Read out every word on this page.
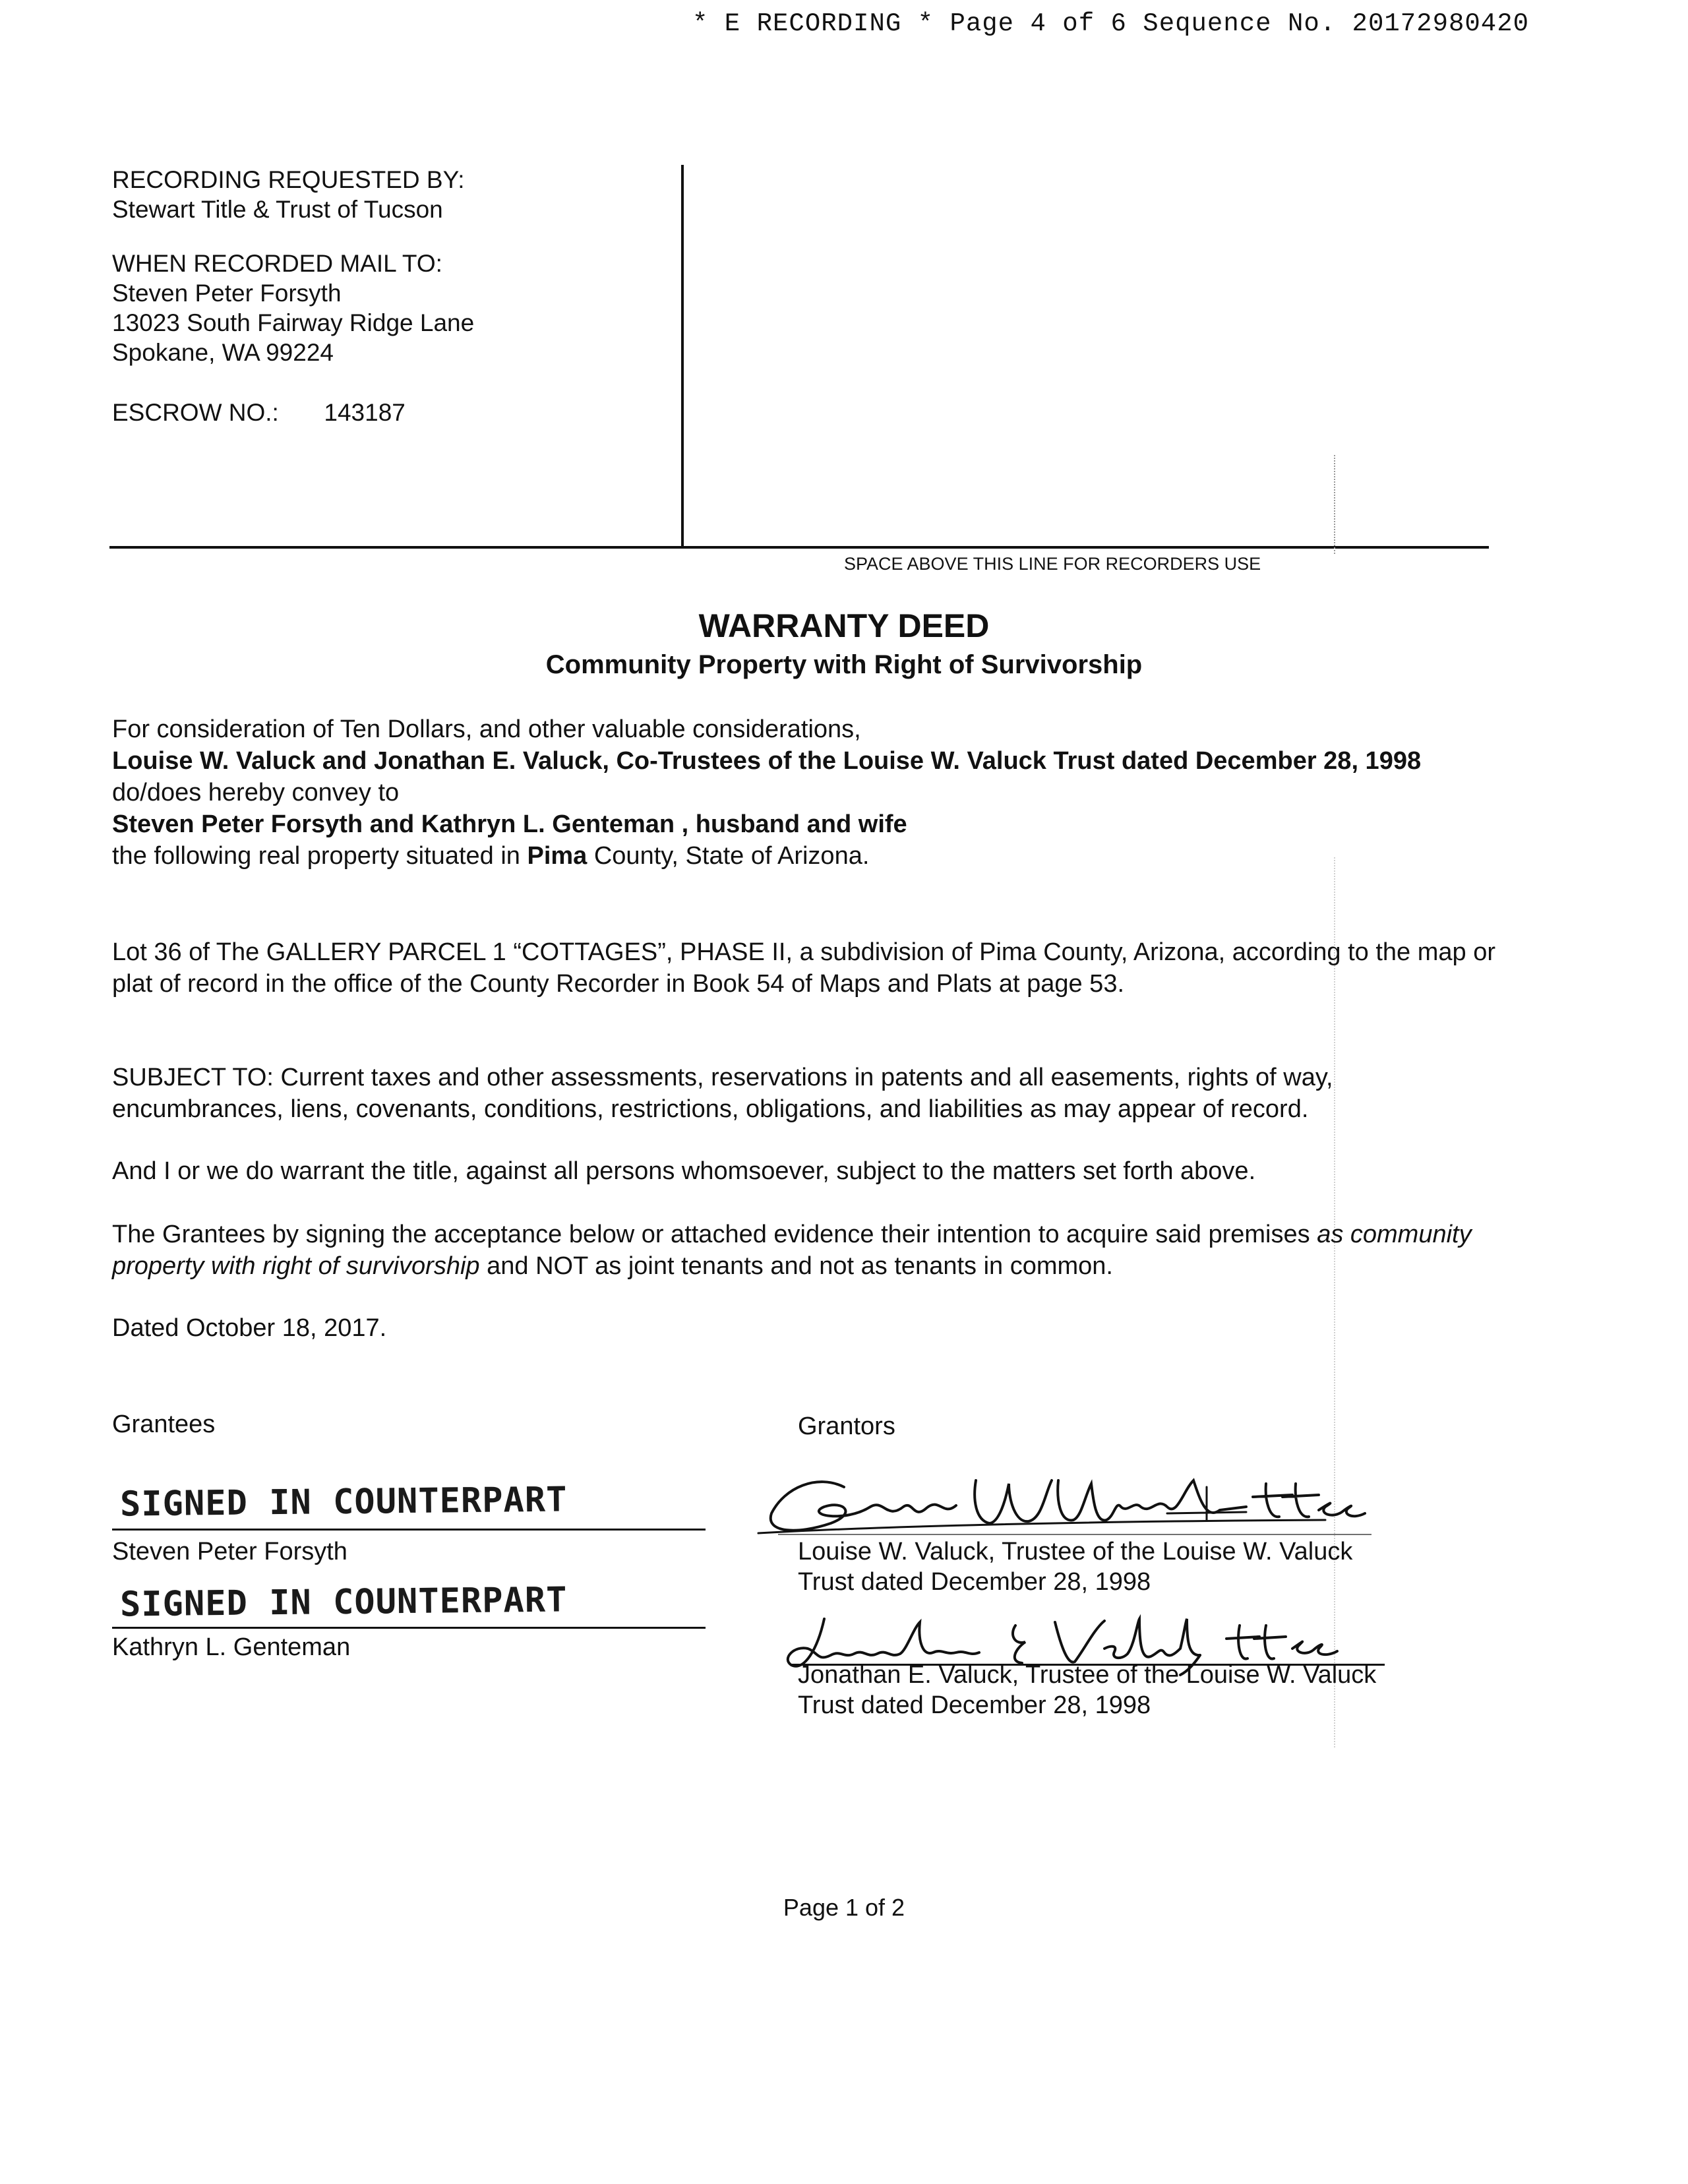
* E RECORDING * Page 4 of 6 Sequence No. 20172980420
RECORDING REQUESTED BY:
Stewart Title & Trust of Tucson
WHEN RECORDED MAIL TO:
Steven Peter Forsyth
13023 South Fairway Ridge Lane
Spokane, WA 99224
ESCROW NO.: 143187
SPACE ABOVE THIS LINE FOR RECORDERS USE
WARRANTY DEED
Community Property with Right of Survivorship
For consideration of Ten Dollars, and other valuable considerations,
Louise W. Valuck and Jonathan E. Valuck, Co-Trustees of the Louise W. Valuck Trust dated December 28, 1998
do/does hereby convey to
Steven Peter Forsyth and Kathryn L. Genteman , husband and wife
the following real property situated in Pima County, State of Arizona.
Lot 36 of The GALLERY PARCEL 1 “COTTAGES”, PHASE II, a subdivision of Pima County, Arizona, according to the map or plat of record in the office of the County Recorder in Book 54 of Maps and Plats at page 53.
SUBJECT TO: Current taxes and other assessments, reservations in patents and all easements, rights of way, encumbrances, liens, covenants, conditions, restrictions, obligations, and liabilities as may appear of record.
And I or we do warrant the title, against all persons whomsoever, subject to the matters set forth above.
The Grantees by signing the acceptance below or attached evidence their intention to acquire said premises as community property with right of survivorship and NOT as joint tenants and not as tenants in common.
Dated October 18, 2017.
Grantees	Grantors
SIGNED IN COUNTERPART
Steven Peter Forsyth
SIGNED IN COUNTERPART
Kathryn L. Genteman
Louise W. Valuck, Trustee of the Louise W. Valuck
Trust dated December 28, 1998
Jonathan E. Valuck, Trustee of the Louise W. Valuck
Trust dated December 28, 1998
Page 1 of 2
